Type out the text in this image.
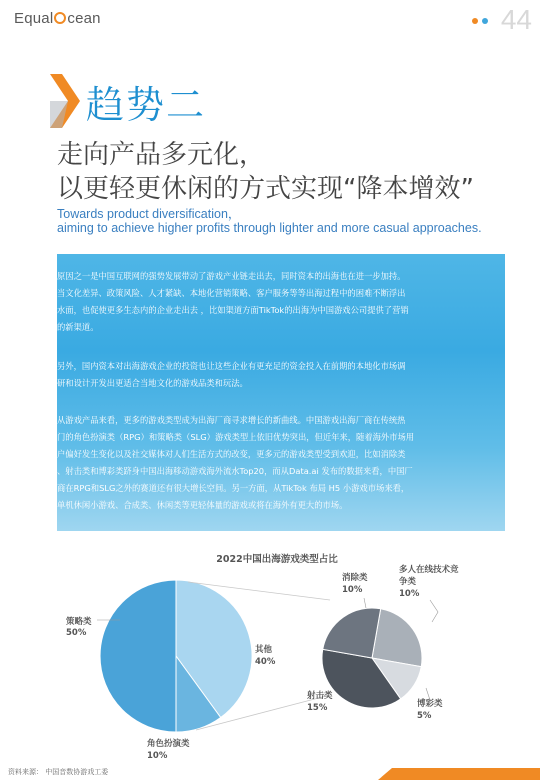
Equal cean	44
趋势二
走向产品多元化，
以更轻更休闲的方式实现“降本增效”
Towards product diversification，
aiming to achieve higher profits through lighter and more casual approaches.

原因之一是中国互联网的强势发展带动了游戏产业链走出去，同时资本的出海也在进一步加持。
当文化差异、政策风险、人才紧缺、本地化营销策略、客户服务等等出海过程中的困难不断浮出
水面，也促使更多生态内的企业走出去 ，比如渠道方面TikTok的出海为中国游戏公司提供了营销
的新渠道。

另外，国内资本对出海游戏企业的投资也让这些企业有更充足的资金投入在前期的本地化市场调
研和设计开发出更适合当地文化的游戏品类和玩法。

从游戏产品来看，更多的游戏类型成为出海厂商寻求增长的新曲线。中国游戏出海厂商在传统热
门的角色扮演类（RPG）和策略类（SLG）游戏类型上依旧优势突出，但近年来，随着海外市场用
户偏好发生变化以及社交媒体对人们生活方式的改变，更多元的游戏类型受到欢迎，比如消除类
、射击类和博彩类跻身中国出海移动游戏海外流水Top20，而从Data.ai 发布的数据来看，中国厂
商在RPG和SLG之外的赛道还有很大增长空间。另一方面，从TikTok 布局 H5 小游戏市场来看，
单机休闲小游戏、合成类、休闲类等更轻体量的游戏或将在海外有更大的市场。

2022中国出海游戏类型占比
策略类
50%
其他
40%
角色扮演类
10%
消除类
10%
多人在线技术竞
争类
10%
射击类
15%	博彩类
5%
资料来源： 中国音数协游戏工委
